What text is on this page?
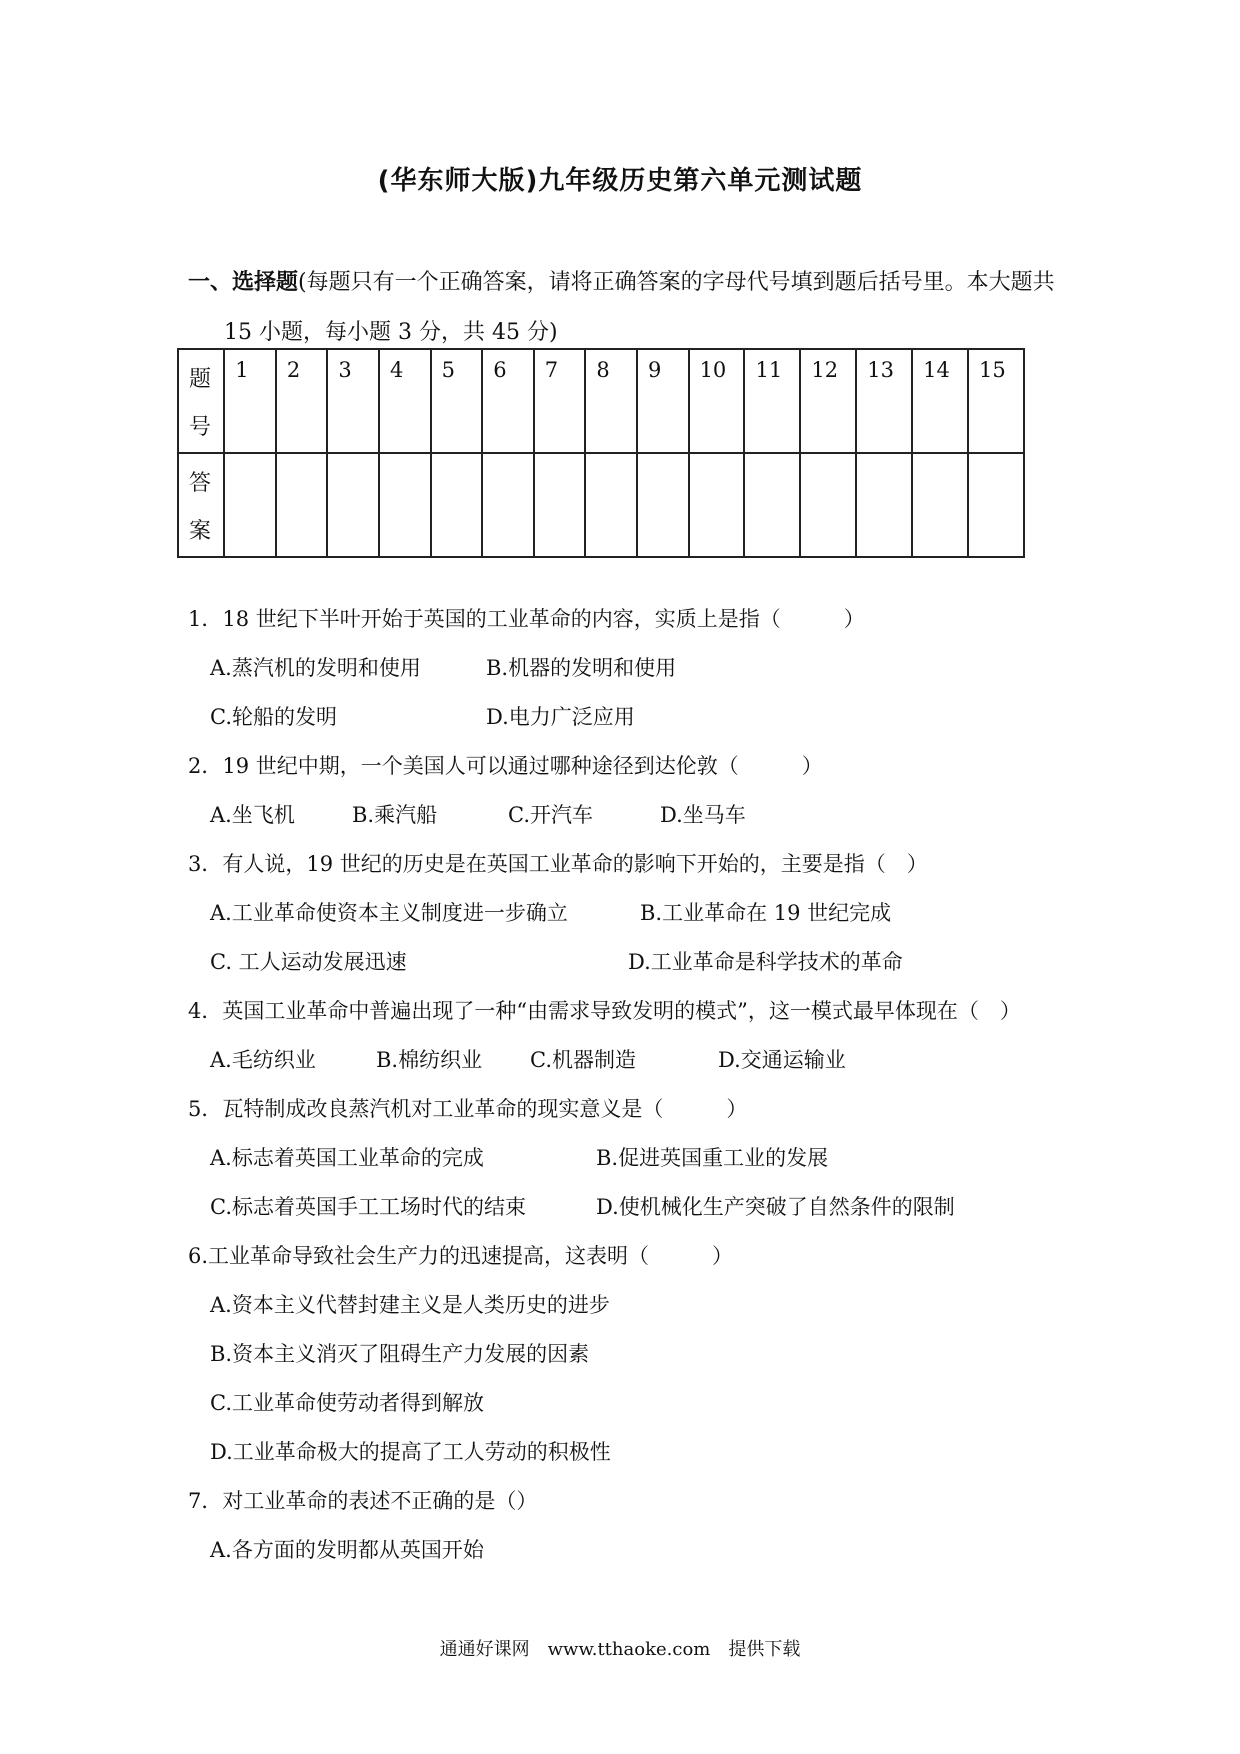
(华东师大版)九年级历史第六单元测试题
一、选择题(每题只有一个正确答案，请将正确答案的字母代号填到题后括号里。本大题共
15 小题，每小题 3 分，共 45 分)
题
号	1	2	3	4	5	6	7	8	9	10	11	12	13	14	15
答
案															
1．18 世纪下半叶开始于英国的工业革命的内容，实质上是指（　　　）
A.蒸汽机的发明和使用	B.机器的发明和使用
C.轮船的发明	D.电力广泛应用
2．19 世纪中期，一个美国人可以通过哪种途径到达伦敦（　　　）
A.坐飞机	B.乘汽船	C.开汽车	D.坐马车
3．有人说，19 世纪的历史是在英国工业革命的影响下开始的，主要是指（　）
A.工业革命使资本主义制度进一步确立	B.工业革命在 19 世纪完成
C. 工人运动发展迅速	D.工业革命是科学技术的革命
4．英国工业革命中普遍出现了一种“由需求导致发明的模式”，这一模式最早体现在（　）
A.毛纺织业	B.棉纺织业 C.机器制造	D.交通运输业
5．瓦特制成改良蒸汽机对工业革命的现实意义是（　　　）
A.标志着英国工业革命的完成	B.促进英国重工业的发展
C.标志着英国手工工场时代的结束	D.使机械化生产突破了自然条件的限制
6.工业革命导致社会生产力的迅速提高，这表明（　　　）
A.资本主义代替封建主义是人类历史的进步
B.资本主义消灭了阻碍生产力发展的因素
C.工业革命使劳动者得到解放
D.工业革命极大的提高了工人劳动的积极性
7．对工业革命的表述不正确的是（）
A.各方面的发明都从英国开始
通通好课网　www.tthaoke.com　提供下载
